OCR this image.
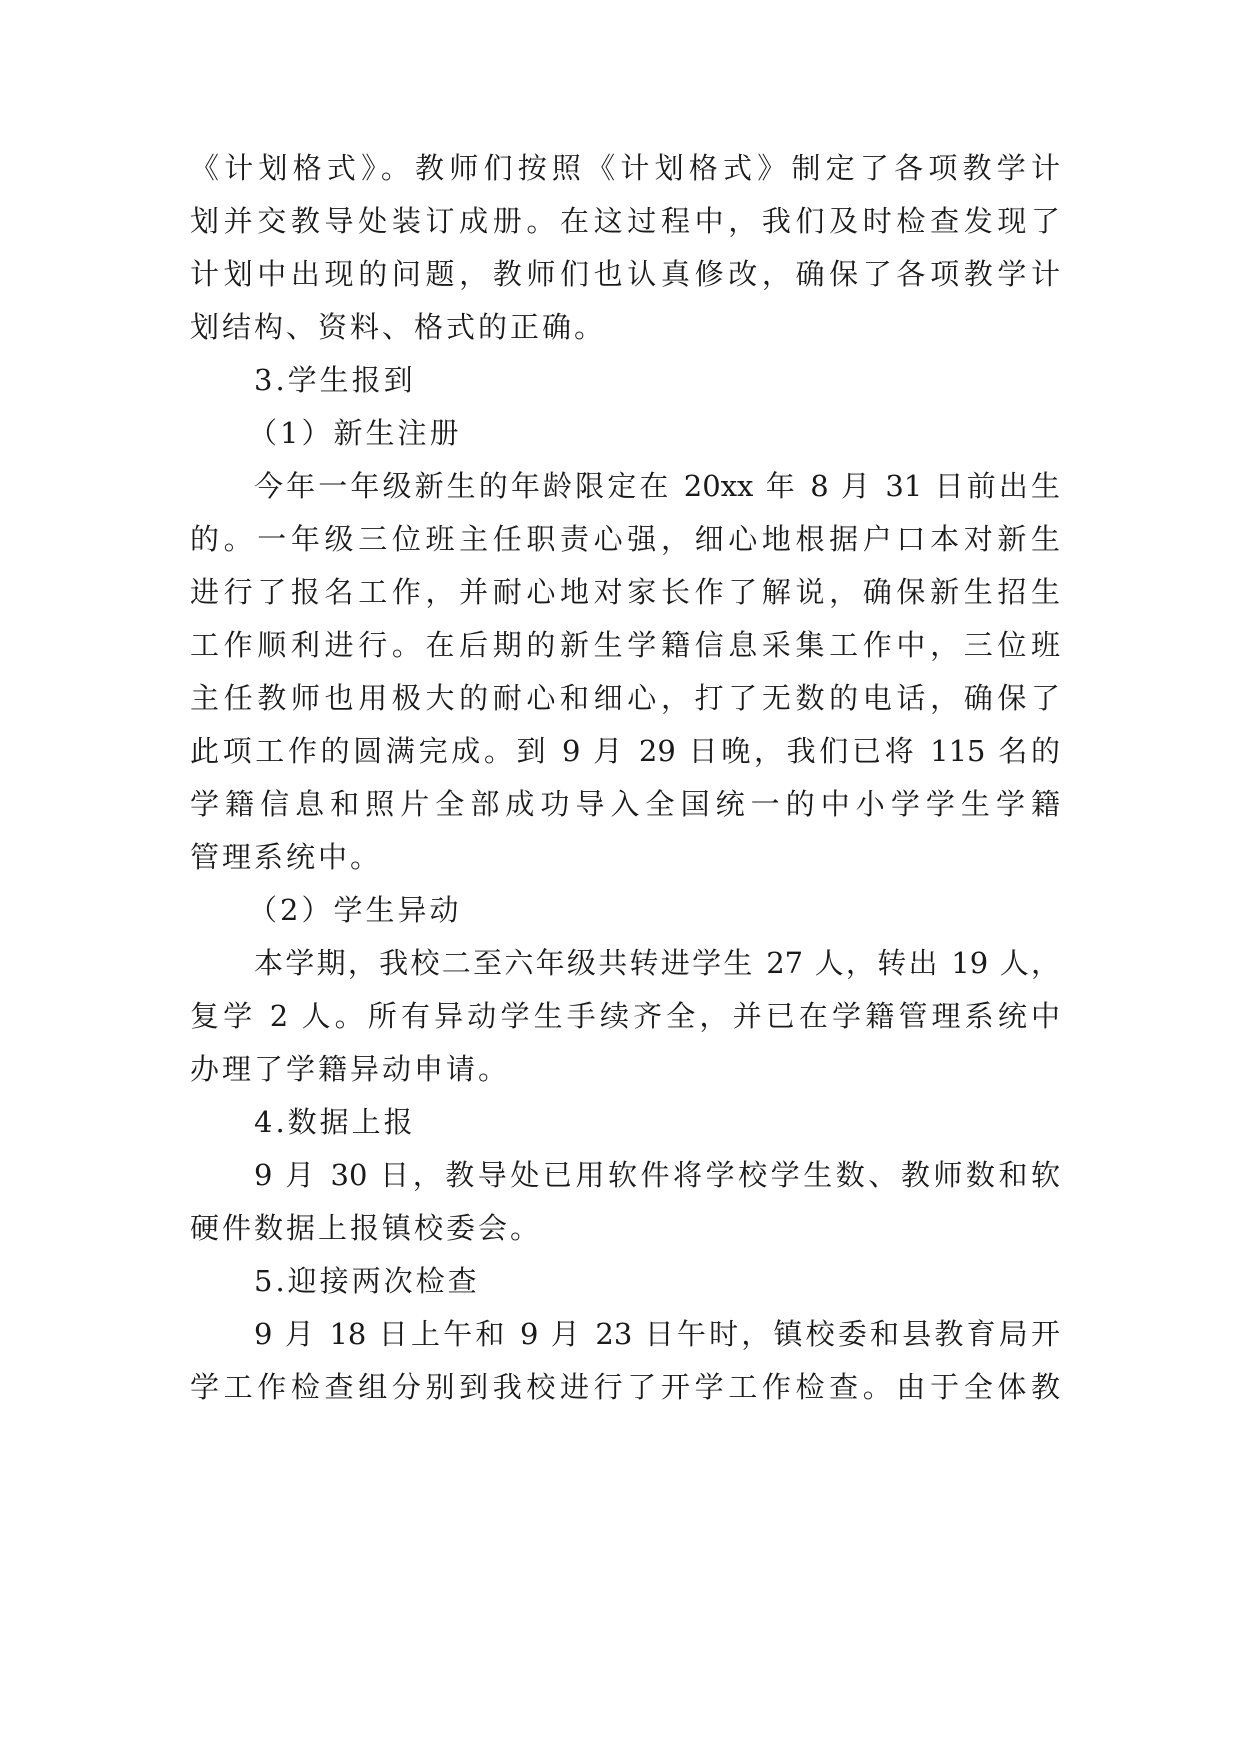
《计划格式》。教师们按照《计划格式》制定了各项教学计
划并交教导处装订成册。在这过程中，我们及时检查发现了
计划中出现的问题，教师们也认真修改，确保了各项教学计
划结构、资料、格式的正确。
3.学生报到
（1）新生注册
今年一年级新生的年龄限定在 20xx 年 8 月 31 日前出生
的。一年级三位班主任职责心强，细心地根据户口本对新生
进行了报名工作，并耐心地对家长作了解说，确保新生招生
工作顺利进行。在后期的新生学籍信息采集工作中，三位班
主任教师也用极大的耐心和细心，打了无数的电话，确保了
此项工作的圆满完成。到 9 月 29 日晚，我们已将 115 名的
学籍信息和照片全部成功导入全国统一的中小学学生学籍
管理系统中。
（2）学生异动
本学期，我校二至六年级共转进学生 27 人，转出 19 人，
复学 2 人。所有异动学生手续齐全，并已在学籍管理系统中
办理了学籍异动申请。
4.数据上报
9 月 30 日，教导处已用软件将学校学生数、教师数和软
硬件数据上报镇校委会。
5.迎接两次检查
9 月 18 日上午和 9 月 23 日午时，镇校委和县教育局开
学工作检查组分别到我校进行了开学工作检查。由于全体教
